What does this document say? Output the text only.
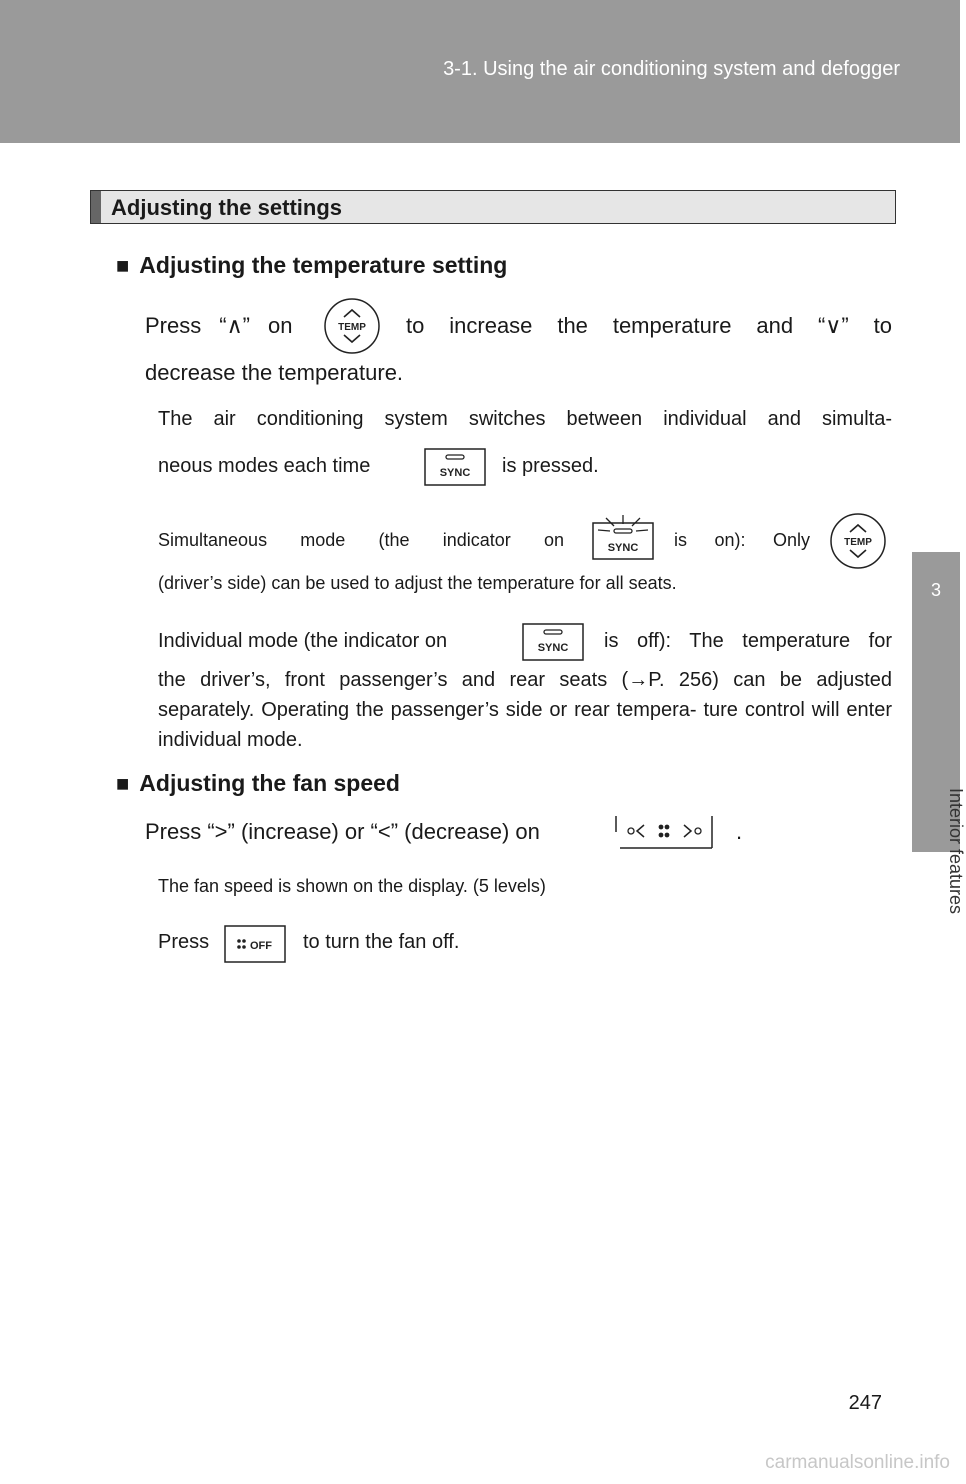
3-1. Using the air conditioning system and defogger
3
Interior features
Adjusting the settings
■ Adjusting the temperature setting
Press “∧” on	TEMP to increase the temperature and “∨” to
decrease the temperature.
The air conditioning system switches between individual and simulta-
neous modes each time	SYNC is pressed.
Simultaneous mode (the indicator on	SYNC is on): Only	TEMP
(driver’s side) can be used to adjust the temperature for all seats.
Individual mode (the indicator on	SYNC is off): The temperature for
the driver’s, front passenger’s and rear seats (→P. 256) can be adjusted separately. Operating the passenger’s side or rear tempera- ture control will enter individual mode.
■ Adjusting the fan speed
Press “>” (increase) or “<” (decrease) on	.
The fan speed is shown on the display. (5 levels)
Press	OFF to turn the fan off.
247
carmanualsonline.info
